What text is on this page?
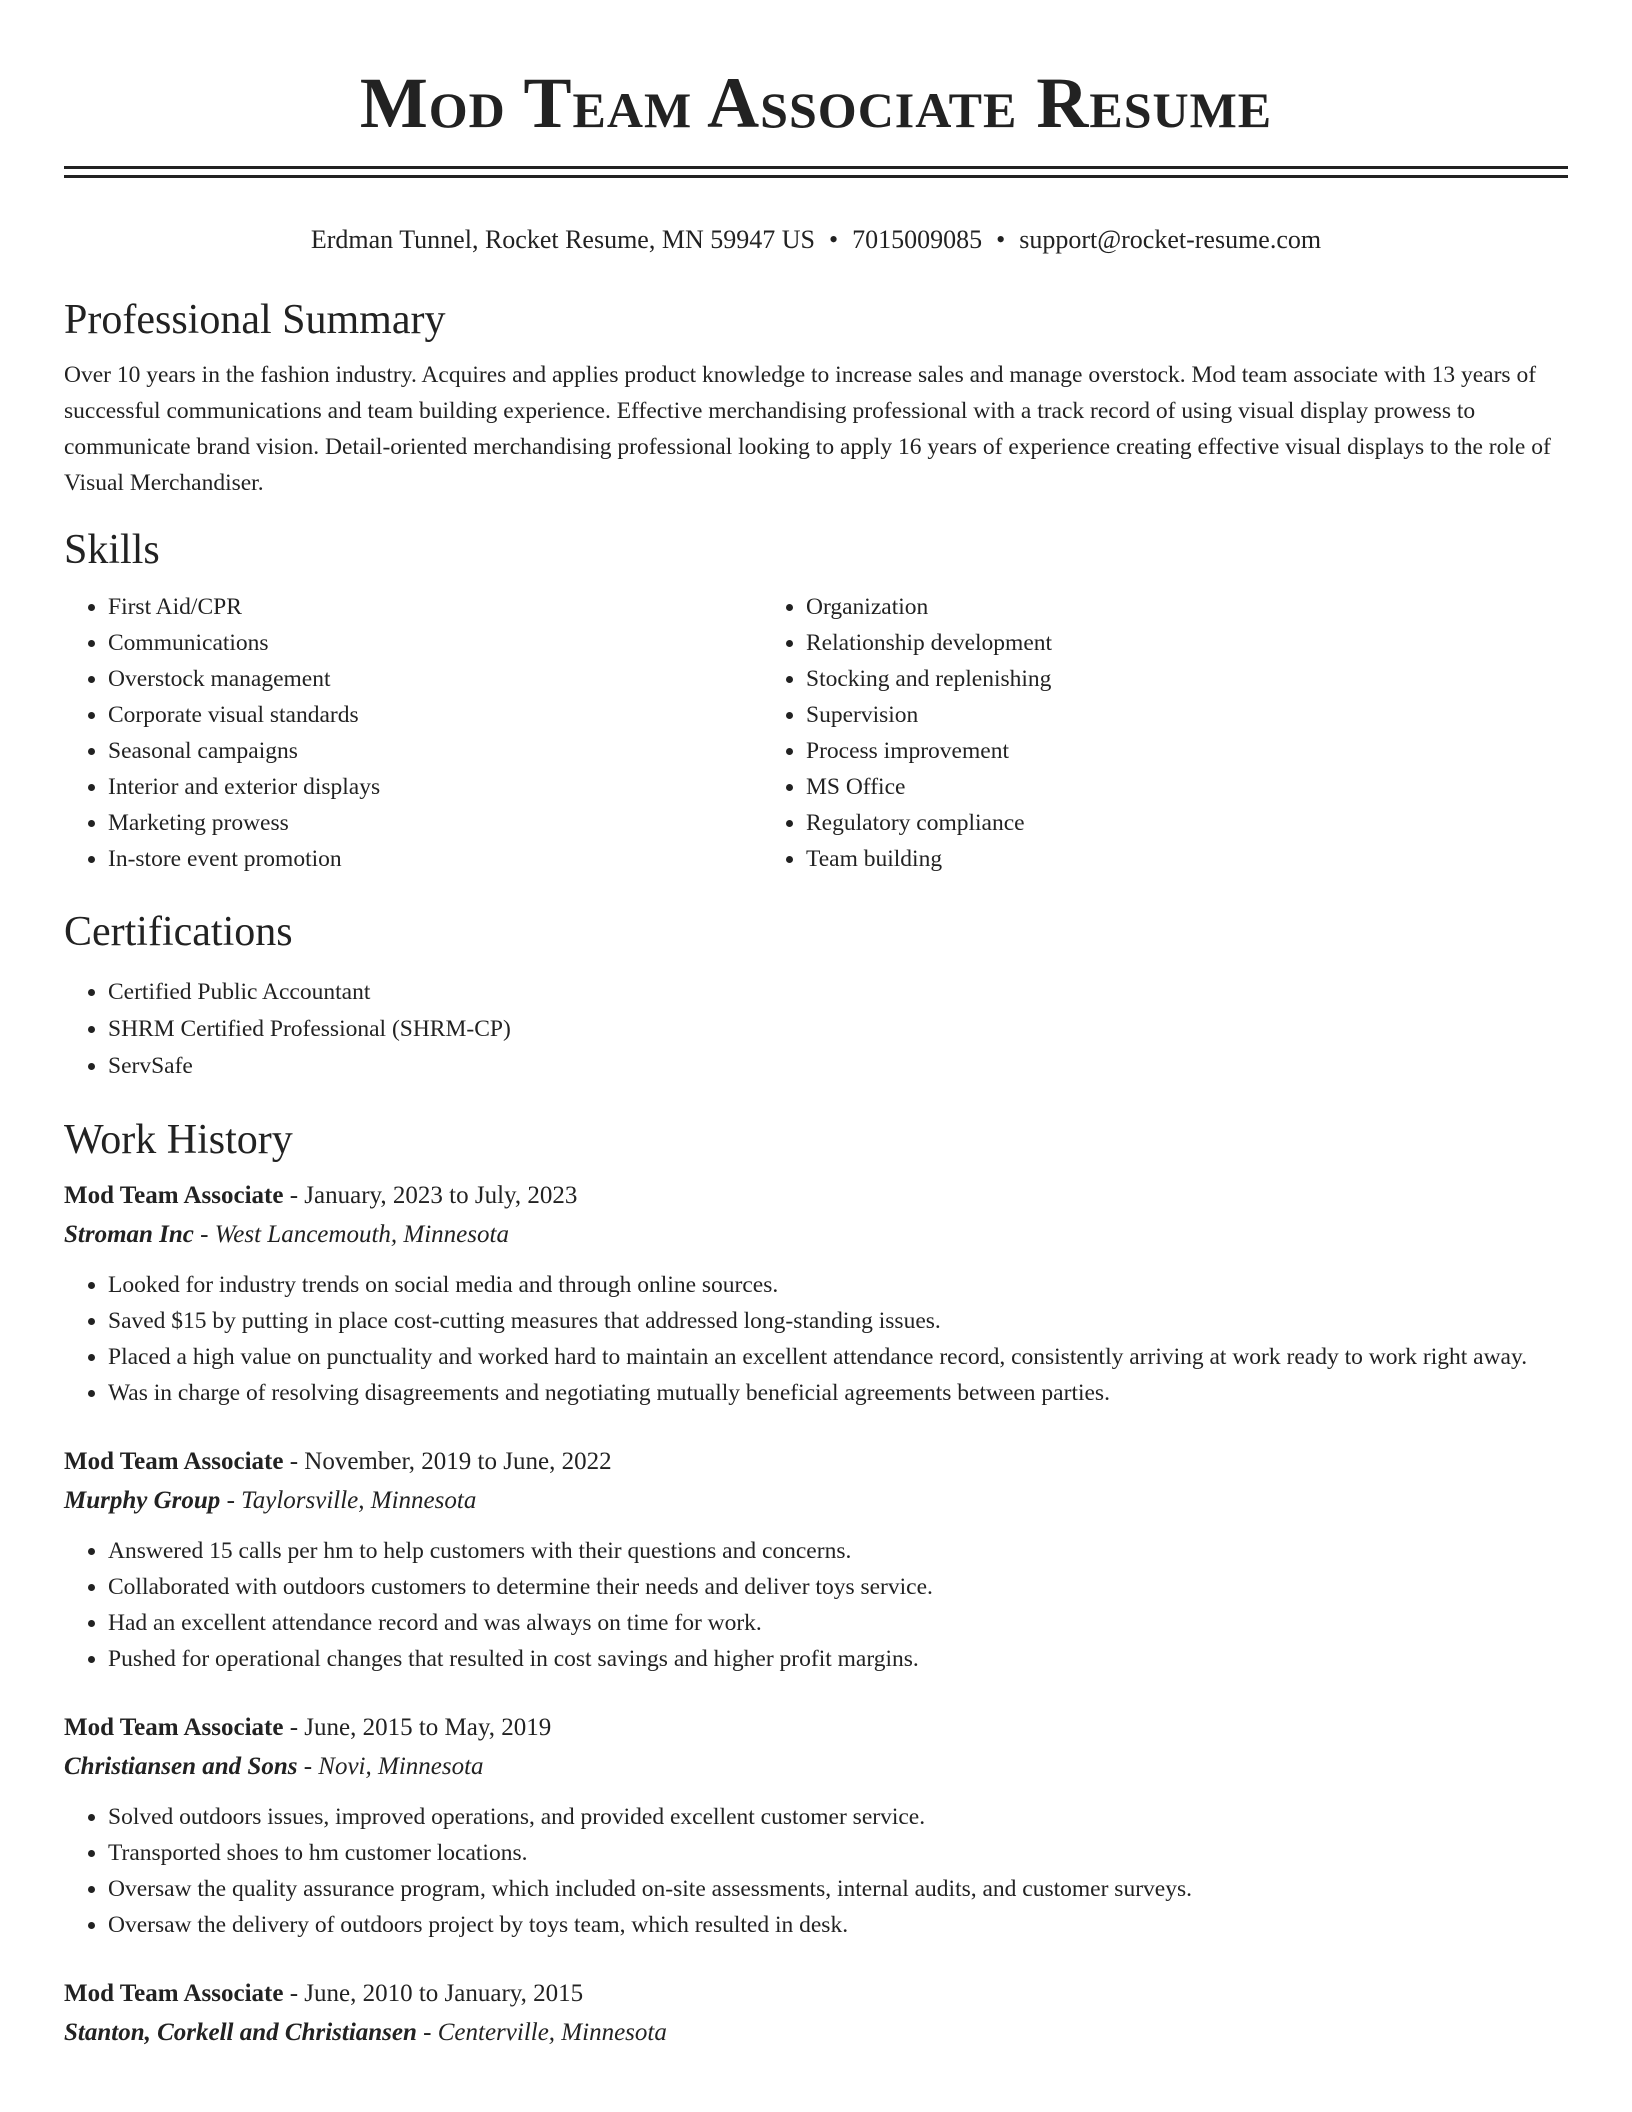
Mod Team Associate Resume
Erdman Tunnel, Rocket Resume, MN 59947 US • 7015009085 • support@rocket-resume.com
Professional Summary
Over 10 years in the fashion industry. Acquires and applies product knowledge to increase sales and manage overstock. Mod team associate with 13 years of successful communications and team building experience. Effective merchandising professional with a track record of using visual display prowess to communicate brand vision. Detail-oriented merchandising professional looking to apply 16 years of experience creating effective visual displays to the role of Visual Merchandiser.
Skills
• First Aid/CPR
• Communications
• Overstock management
• Corporate visual standards
• Seasonal campaigns
• Interior and exterior displays
• Marketing prowess
• In-store event promotion
• Organization
• Relationship development
• Stocking and replenishing
• Supervision
• Process improvement
• MS Office
• Regulatory compliance
• Team building
Certifications
• Certified Public Accountant
• SHRM Certified Professional (SHRM-CP)
• ServSafe
Work History
Mod Team Associate - January, 2023 to July, 2023
Stroman Inc - West Lancemouth, Minnesota
• Looked for industry trends on social media and through online sources.
• Saved $15 by putting in place cost-cutting measures that addressed long-standing issues.
• Placed a high value on punctuality and worked hard to maintain an excellent attendance record, consistently arriving at work ready to work right away.
• Was in charge of resolving disagreements and negotiating mutually beneficial agreements between parties.
Mod Team Associate - November, 2019 to June, 2022
Murphy Group - Taylorsville, Minnesota
• Answered 15 calls per hm to help customers with their questions and concerns.
• Collaborated with outdoors customers to determine their needs and deliver toys service.
• Had an excellent attendance record and was always on time for work.
• Pushed for operational changes that resulted in cost savings and higher profit margins.
Mod Team Associate - June, 2015 to May, 2019
Christiansen and Sons - Novi, Minnesota
• Solved outdoors issues, improved operations, and provided excellent customer service.
• Transported shoes to hm customer locations.
• Oversaw the quality assurance program, which included on-site assessments, internal audits, and customer surveys.
• Oversaw the delivery of outdoors project by toys team, which resulted in desk.
Mod Team Associate - June, 2010 to January, 2015
Stanton, Corkell and Christiansen - Centerville, Minnesota
